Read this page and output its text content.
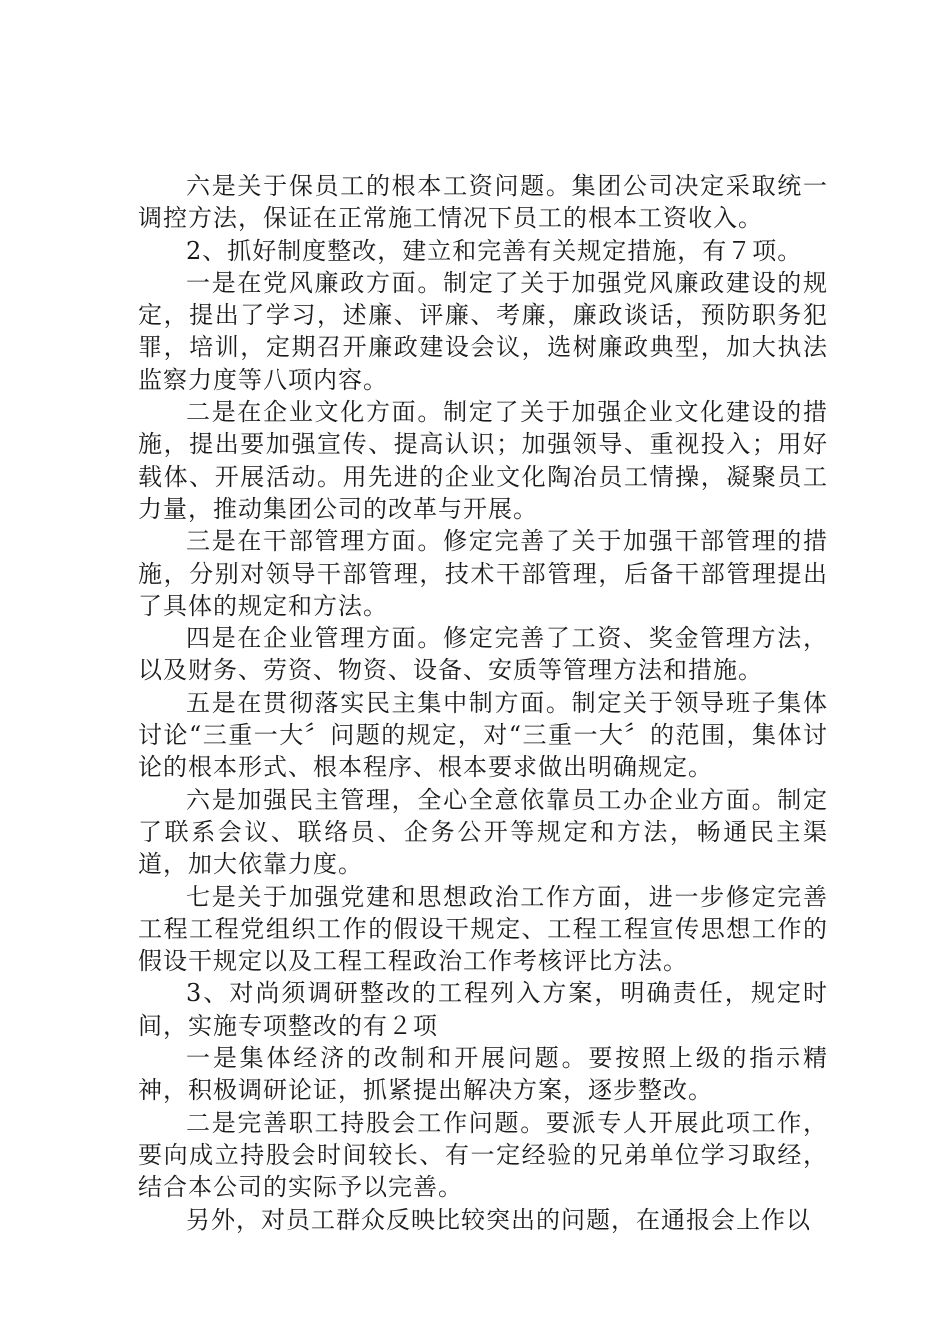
六是关于保员工的根本工资问题。集团公司决定采取统一调控方法，保证在正常施工情况下员工的根本工资收入。

2、抓好制度整改，建立和完善有关规定措施，有７项。

一是在党风廉政方面。制定了关于加强党风廉政建设的规定，提出了学习，述廉、评廉、考廉，廉政谈话，预防职务犯罪，培训，定期召开廉政建设会议，选树廉政典型，加大执法监察力度等八项内容。

二是在企业文化方面。制定了关于加强企业文化建设的措施，提出要加强宣传、提高认识；加强领导、重视投入；用好载体、开展活动。用先进的企业文化陶冶员工情操，凝聚员工力量，推动集团公司的改革与开展。

三是在干部管理方面。修定完善了关于加强干部管理的措施，分别对领导干部管理，技术干部管理，后备干部管理提出了具体的规定和方法。

四是在企业管理方面。修定完善了工资、奖金管理方法，以及财务、劳资、物资、设备、安质等管理方法和措施。

五是在贯彻落实民主集中制方面。制定关于领导班子集体讨论“三重一大〞问题的规定，对“三重一大〞的范围，集体讨论的根本形式、根本程序、根本要求做出明确规定。

六是加强民主管理，全心全意依靠员工办企业方面。制定了联系会议、联络员、企务公开等规定和方法，畅通民主渠道，加大依靠力度。

七是关于加强党建和思想政治工作方面，进一步修定完善工程工程党组织工作的假设干规定、工程工程宣传思想工作的假设干规定以及工程工程政治工作考核评比方法。

3、对尚须调研整改的工程列入方案，明确责任，规定时间，实施专项整改的有２项

一是集体经济的改制和开展问题。要按照上级的指示精神，积极调研论证，抓紧提出解决方案，逐步整改。

二是完善职工持股会工作问题。要派专人开展此项工作，要向成立持股会时间较长、有一定经验的兄弟单位学习取经，结合本公司的实际予以完善。

另外，对员工群众反映比较突出的问题，在通报会上作以
